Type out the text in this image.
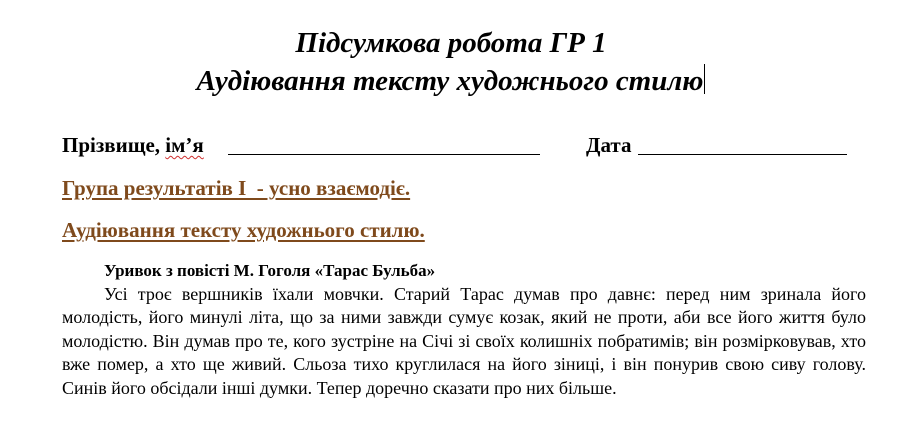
Підсумкова робота ГР 1
Аудіювання тексту художнього стилю
Прізвище, ім’я	Дата
Група результатів І  - усно взаємодіє.
Аудіювання тексту художнього стилю.
Уривок з повісті М. Гоголя «Тарас Бульба»

Усі троє вершників їхали мовчки. Старий Тарас думав про давнє: перед ним зринала його молодість, його минулі літа, що за ними завжди сумує козак, який не проти, аби все його життя було молодістю. Він думав про те, кого зустріне на Січі зі своїх колишніх побратимів; він розмірковував, хто вже помер, а хто ще живий. Сльоза тихо круглилася на його зіниці, і він понурив свою сиву голову. Синів його обсідали інші думки. Тепер доречно сказати про них більше.
